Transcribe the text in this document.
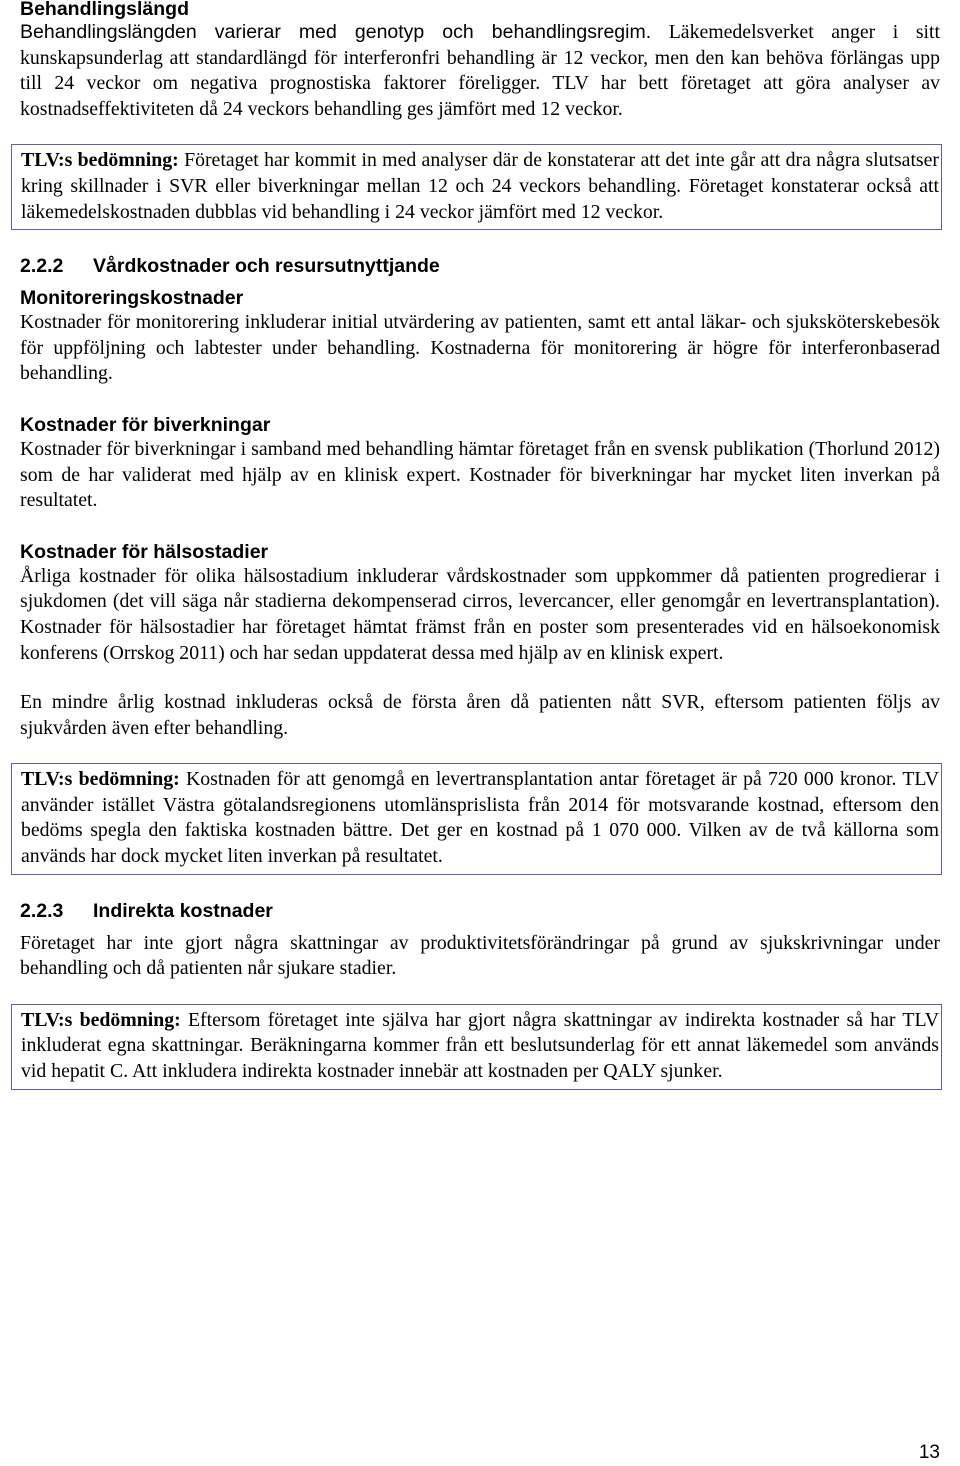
Behandlingslängd

Behandlingslängden varierar med genotyp och behandlingsregim. Läkemedelsverket anger i sitt kunskapsunderlag att standardlängd för interferonfri behandling är 12 veckor, men den kan behöva förlängas upp till 24 veckor om negativa prognostiska faktorer föreligger. TLV har bett företaget att göra analyser av kostnadseffektiviteten då 24 veckors behandling ges jämfört med 12 veckor.

TLV:s bedömning: Företaget har kommit in med analyser där de konstaterar att det inte går att dra några slutsatser kring skillnader i SVR eller biverkningar mellan 12 och 24 veckors behandling. Företaget konstaterar också att läkemedelskostnaden dubblas vid behandling i 24 veckor jämfört med 12 veckor.

2.2.2	Vårdkostnader och resursutnyttjande
Monitoreringskostnader

Kostnader för monitorering inkluderar initial utvärdering av patienten, samt ett antal läkar- och sjuksköterskebesök för uppföljning och labtester under behandling. Kostnaderna för monitorering är högre för interferonbaserad behandling.

Kostnader för biverkningar

Kostnader för biverkningar i samband med behandling hämtar företaget från en svensk publikation (Thorlund 2012) som de har validerat med hjälp av en klinisk expert. Kostnader för biverkningar har mycket liten inverkan på resultatet.

Kostnader för hälsostadier

Årliga kostnader för olika hälsostadium inkluderar vårdskostnader som uppkommer då patienten progredierar i sjukdomen (det vill säga når stadierna dekompenserad cirros, levercancer, eller genomgår en levertransplantation). Kostnader för hälsostadier har företaget hämtat främst från en poster som presenterades vid en hälsoekonomisk konferens (Orrskog 2011) och har sedan uppdaterat dessa med hjälp av en klinisk expert.

En mindre årlig kostnad inkluderas också de första åren då patienten nått SVR, eftersom patienten följs av sjukvården även efter behandling.

TLV:s bedömning: Kostnaden för att genomgå en levertransplantation antar företaget är på 720 000 kronor. TLV använder istället Västra götalandsregionens utomlänsprislista från 2014 för motsvarande kostnad, eftersom den bedöms spegla den faktiska kostnaden bättre. Det ger en kostnad på 1 070 000. Vilken av de två källorna som används har dock mycket liten inverkan på resultatet.

2.2.3	Indirekta kostnader

Företaget har inte gjort några skattningar av produktivitetsförändringar på grund av sjukskrivningar under behandling och då patienten når sjukare stadier.

TLV:s bedömning: Eftersom företaget inte själva har gjort några skattningar av indirekta kostnader så har TLV inkluderat egna skattningar. Beräkningarna kommer från ett beslutsunderlag för ett annat läkemedel som används vid hepatit C. Att inkludera indirekta kostnader innebär att kostnaden per QALY sjunker.

13
